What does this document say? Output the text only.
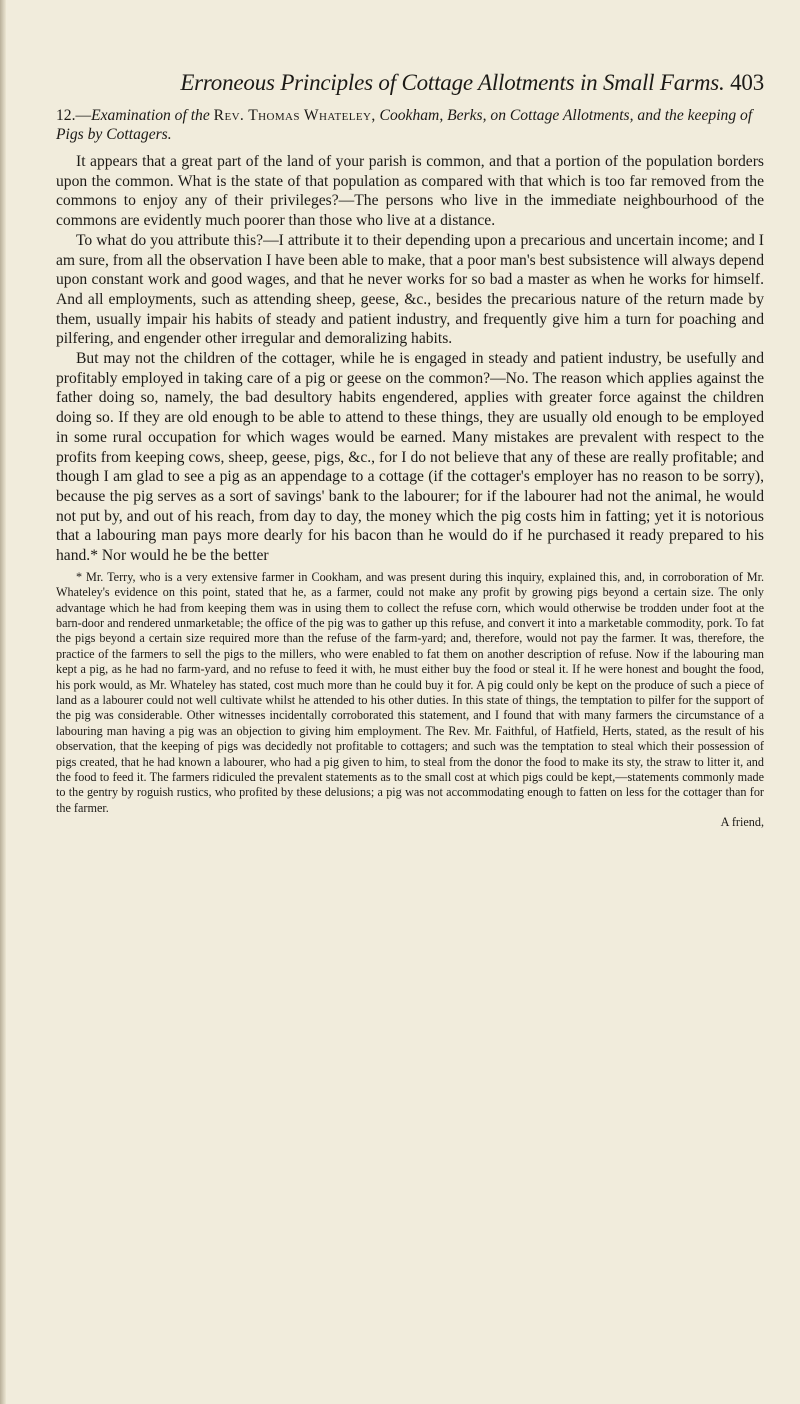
Erroneous Principles of Cottage Allotments in Small Farms. 403
12.—Examination of the Rev. Thomas Whateley, Cookham, Berks, on Cottage Allotments, and the keeping of Pigs by Cottagers.

It appears that a great part of the land of your parish is common, and that a portion of the population borders upon the common. What is the state of that population as compared with that which is too far removed from the commons to enjoy any of their privileges?—The persons who live in the immediate neighbourhood of the commons are evidently much poorer than those who live at a distance.

To what do you attribute this?—I attribute it to their depending upon a precarious and uncertain income; and I am sure, from all the observation I have been able to make, that a poor man's best subsistence will always depend upon constant work and good wages, and that he never works for so bad a master as when he works for himself. And all employments, such as attending sheep, geese, &c., besides the precarious nature of the return made by them, usually impair his habits of steady and patient industry, and frequently give him a turn for poaching and pilfering, and engender other irregular and demoralizing habits.

But may not the children of the cottager, while he is engaged in steady and patient industry, be usefully and profitably employed in taking care of a pig or geese on the common?—No. The reason which applies against the father doing so, namely, the bad desultory habits engendered, applies with greater force against the children doing so. If they are old enough to be able to attend to these things, they are usually old enough to be employed in some rural occupation for which wages would be earned. Many mistakes are prevalent with respect to the profits from keeping cows, sheep, geese, pigs, &c., for I do not believe that any of these are really profitable; and though I am glad to see a pig as an appendage to a cottage (if the cottager's employer has no reason to be sorry), because the pig serves as a sort of savings' bank to the labourer; for if the labourer had not the animal, he would not put by, and out of his reach, from day to day, the money which the pig costs him in fatting; yet it is notorious that a labouring man pays more dearly for his bacon than he would do if he purchased it ready prepared to his hand.* Nor would he be the better

* Mr. Terry, who is a very extensive farmer in Cookham, and was present during this inquiry, explained this, and, in corroboration of Mr. Whateley's evidence on this point, stated that he, as a farmer, could not make any profit by growing pigs beyond a certain size. The only advantage which he had from keeping them was in using them to collect the refuse corn, which would otherwise be trodden under foot at the barn-door and rendered unmarketable; the office of the pig was to gather up this refuse, and convert it into a marketable commodity, pork. To fat the pigs beyond a certain size required more than the refuse of the farm-yard; and, therefore, would not pay the farmer. It was, therefore, the practice of the farmers to sell the pigs to the millers, who were enabled to fat them on another description of refuse. Now if the labouring man kept a pig, as he had no farm-yard, and no refuse to feed it with, he must either buy the food or steal it. If he were honest and bought the food, his pork would, as Mr. Whateley has stated, cost much more than he could buy it for. A pig could only be kept on the produce of such a piece of land as a labourer could not well cultivate whilst he attended to his other duties. In this state of things, the temptation to pilfer for the support of the pig was considerable. Other witnesses incidentally corroborated this statement, and I found that with many farmers the circumstance of a labouring man having a pig was an objection to giving him employment. The Rev. Mr. Faithful, of Hatfield, Herts, stated, as the result of his observation, that the keeping of pigs was decidedly not profitable to cottagers; and such was the temptation to steal which their possession of pigs created, that he had known a labourer, who had a pig given to him, to steal from the donor the food to make its sty, the straw to litter it, and the food to feed it. The farmers ridiculed the prevalent statements as to the small cost at which pigs could be kept,—statements commonly made to the gentry by roguish rustics, who profited by these delusions; a pig was not accommodating enough to fatten on less for the cottager than for the farmer.

A friend,
